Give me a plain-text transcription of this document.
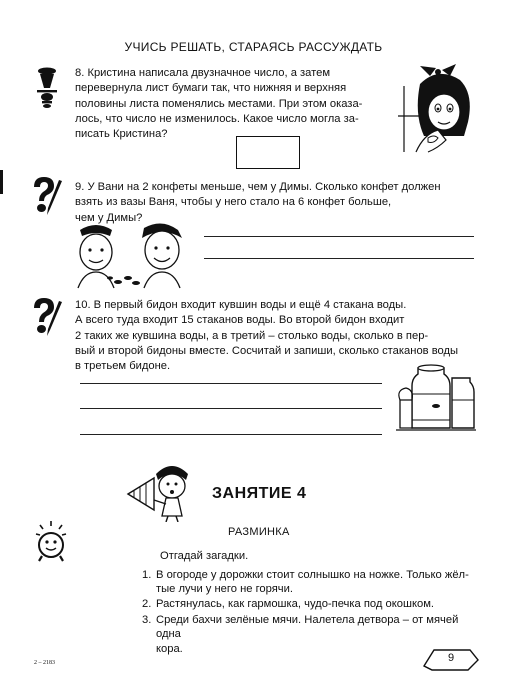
УЧИСЬ РЕШАТЬ, СТАРАЯСЬ РАССУЖДАТЬ
8. Кристина написала двузначное число, а затем
перевернула лист бумаги так, что нижняя и верхняя
половины листа поменялись местами. При этом оказа-
лось, что число не изменилось. Какое число могла за-
писать Кристина?
9. У Вани на 2 конфеты меньше, чем у Димы. Сколько конфет должен
взять из вазы Ваня, чтобы у него стало на 6 конфет больше,
чем у Димы?
10. В первый бидон входит кувшин воды и ещё 4 стакана воды.
А всего туда входит 15 стаканов воды. Во второй бидон входит
2 таких же кувшина воды, а в третий – столько воды, сколько в пер-
вый и второй бидоны вместе. Сосчитай и запиши, сколько стаканов воды
в третьем бидоне.
ЗАНЯТИЕ 4
РАЗМИНКА
Отгадай загадки.
1. В огороде у дорожки стоит солнышко на ножке. Только жёл-
тые лучи у него не горячи.
2. Растянулась, как гармошка, чудо-печка под окошком.
3. Среди бахчи зелёные мячи. Налетела детвора – от мячей одна
кора.
2 – 2183	9
